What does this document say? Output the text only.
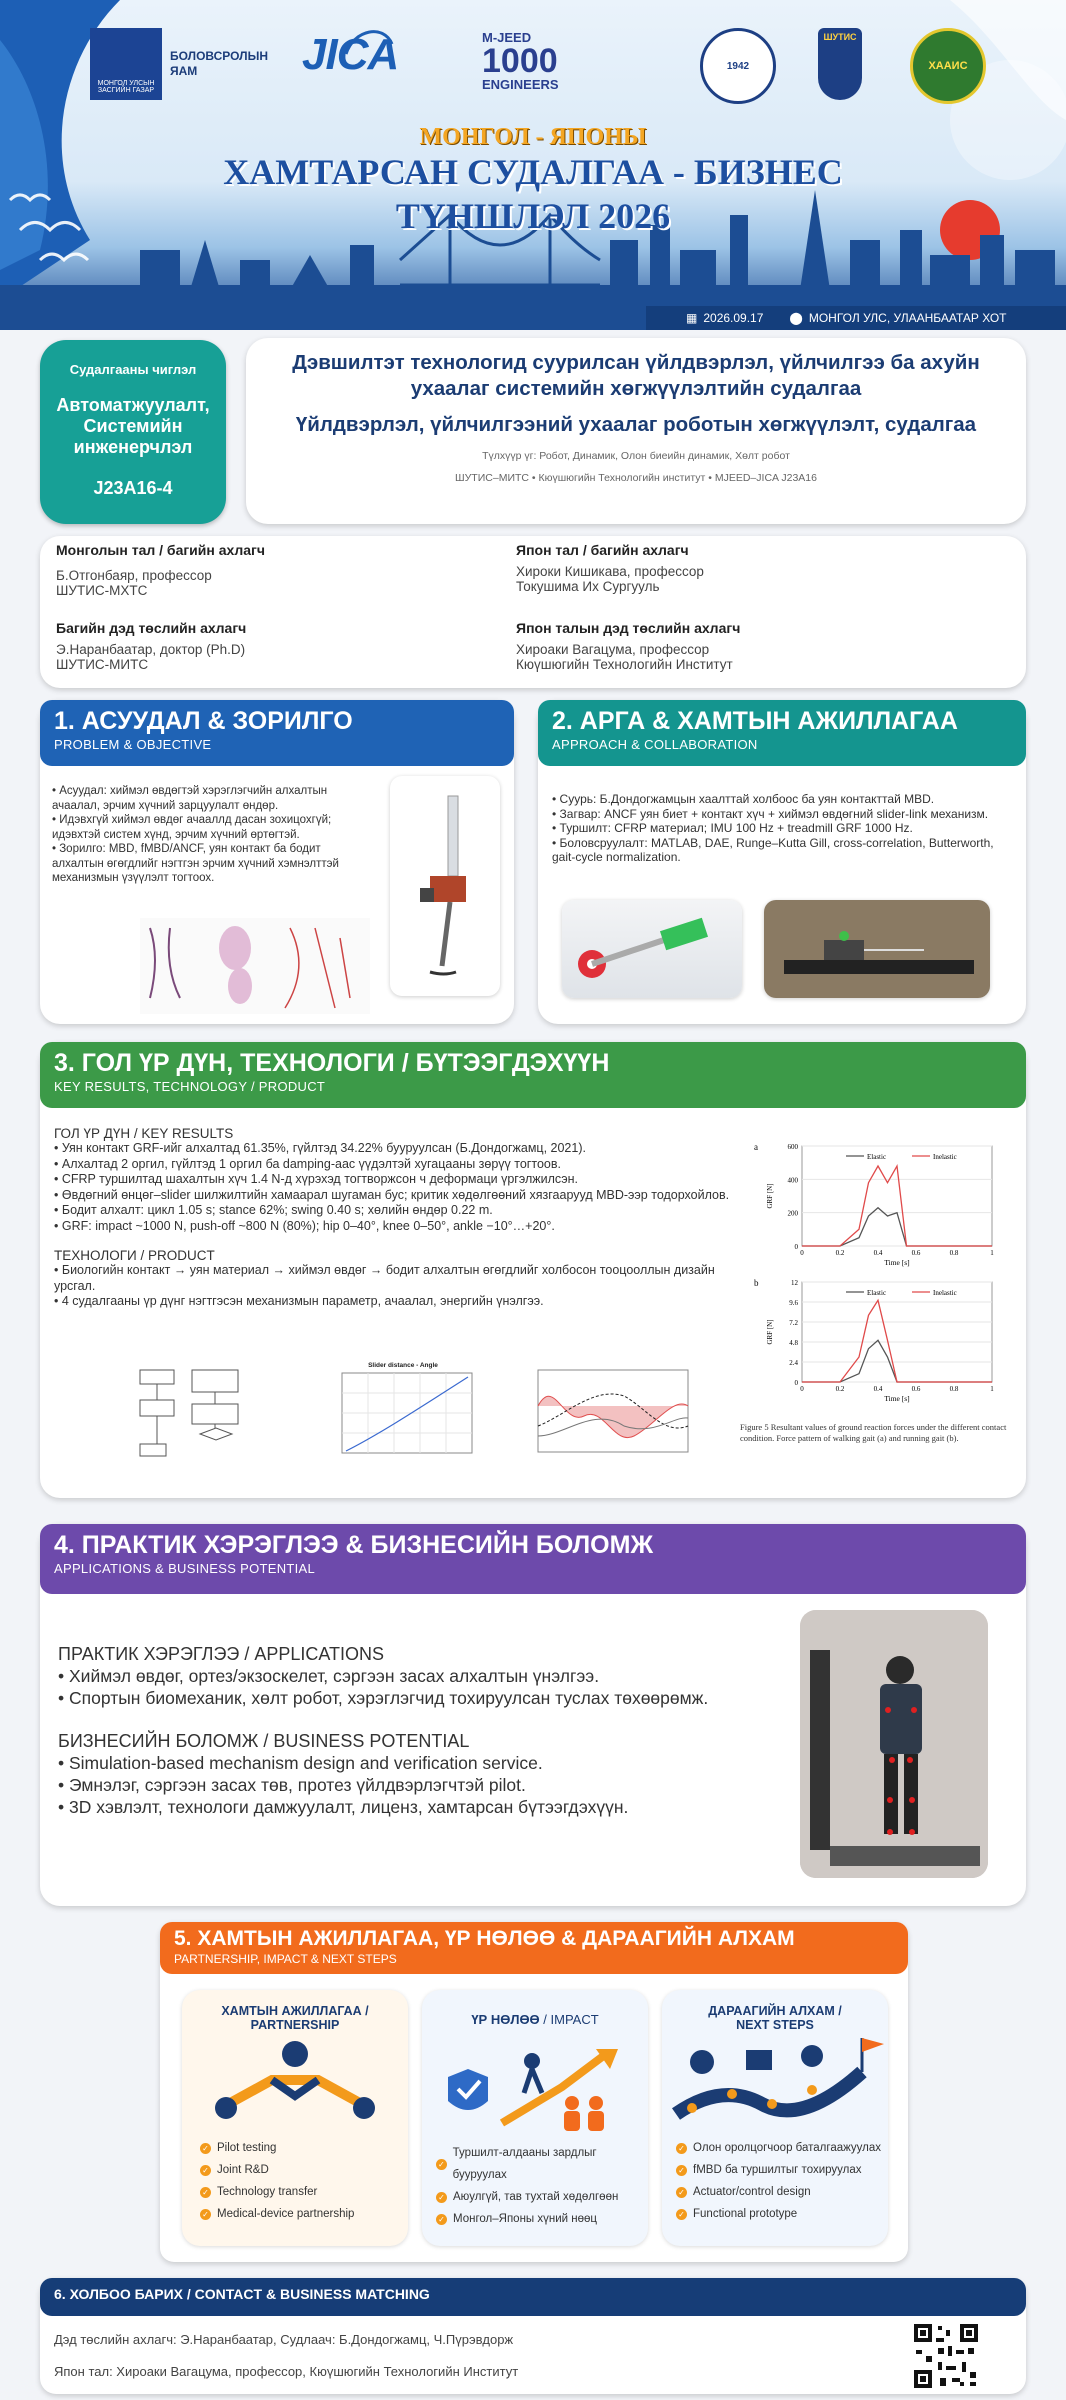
МОНГОЛ УЛСЫН ЗАСГИЙН ГАЗАР
БОЛОВСРОЛЫН ЯАМ	JICA	M-JEED
1000
ENGINEERS
1942
ШУТИС
ХААИС
МОНГОЛ - ЯПОНЫ
ХАМТАРСАН СУДАЛГАА - БИЗНЕС
ТҮНШЛЭЛ 2026
▦ 2026.09.17 ⬤ МОНГОЛ УЛС, УЛААНБААТАР ХОТ
Судалгааны чиглэл
Автоматжуулалт, Системийн инженерчлэл
J23A16-4
Дэвшилтэт технологид суурилсан үйлдвэрлэл, үйлчилгээ ба ахуйн ухаалаг системийн хөгжүүлэлтийн судалгаа
Үйлдвэрлэл, үйлчилгээний ухаалаг роботын хөгжүүлэлт, судалгаа
Түлхүүр үг: Робот, Динамик, Олон биеийн динамик, Хөлт робот
ШУТИС–МИТС • Кюүшюгийн Технологийн институт • MJEED–JICA J23A16
Монголын тал / багийн ахлагч
Б.Отгонбаяр, профессор
ШУТИС-МХТС
Япон тал / багийн ахлагч
Хироки Кишикава, профессор
Токушима Их Сургууль
Багийн дэд төслийн ахлагч
Э.Наранбаатар, доктор (Ph.D)
ШУТИС-МИТС
Япон талын дэд төслийн ахлагч
Хироаки Вагацума, профессор
Кюүшюгийн Технологийн Институт
1. АСУУДАЛ & ЗОРИЛГО
PROBLEM & OBJECTIVE
• Асуудал: хиймэл өвдөгтэй хэрэглэгчийн алхалтын ачаалал, эрчим хүчний зарцуулалт өндөр.
• Идэвхгүй хиймэл өвдөг ачааллд дасан зохицохгүй; идэвхтэй систем хүнд, эрчим хүчний өртөгтэй.
• Зорилго: MBD, fMBD/ANCF, уян контакт ба бодит алхалтын өгөгдлийг нэгтгэн эрчим хүчний хэмнэлттэй механизмын үзүүлэлт тогтоох.
2. АРГА & ХАМТЫН АЖИЛЛАГАА
APPROACH & COLLABORATION
• Суурь: Б.Дондогжамцын хаалттай холбоос ба уян контакттай MBD.
• Загвар: ANCF уян биет + контакт хүч + хиймэл өвдөгний slider-link механизм.
• Туршилт: CFRP материал; IMU 100 Hz + treadmill GRF 1000 Hz.
• Боловсруулалт: MATLAB, DAE, Runge–Kutta Gill, cross-correlation, Butterworth, gait-cycle normalization.
3. ГОЛ ҮР ДҮН, ТЕХНОЛОГИ / БҮТЭЭГДЭХҮҮН
KEY RESULTS, TECHNOLOGY / PRODUCT
ГОЛ ҮР ДҮН / KEY RESULTS
• Уян контакт GRF-ийг алхалтад 61.35%, гүйлтэд 34.22% бууруулсан (Б.Дондогжамц, 2021).
• Алхалтад 2 оргил, гүйлтэд 1 оргил ба damping-аас үүдэлтэй хугацааны зөрүү тогтоов.
• CFRP туршилтад шахалтын хүч 1.4 N-д хүрэхэд тогтворжсон ч деформаци үргэлжилсэн.
• Өвдөгний өнцөг–slider шилжилтийн хамаарал шугаман бус; критик хөдөлгөөний хязгаарууд MBD-ээр тодорхойлов.
• Бодит алхалт: цикл 1.05 s; stance 62%; swing 0.40 s; хөлийн өндөр 0.22 m.
• GRF: impact ~1000 N, push-off ~800 N (80%); hip 0–40°, knee 0–50°, ankle −10°…+20°.
ТЕХНОЛОГИ / PRODUCT
• Биологийн контакт → уян материал → хиймэл өвдөг → бодит алхалтын өгөгдлийг холбосон тооцооллын дизайн урсгал.
• 4 судалгааны үр дүнг нэгтгэсэн механизмын параметр, ачаалал, энергийн үнэлгээ.
a
0
200
400
600
0	0.2	0.4	0.6	0.8	1
GRF [N]
Time [s]
Elastic	Inelastic
b
0
2.4
4.8
7.2
9.6
12
0	0.2	0.4	0.6	0.8	1
GRF [N]
Time [s]
Elastic	Inelastic
Figure 5 Resultant values of ground reaction forces under the different contact condition. Force pattern of walking gait (a) and running gait (b).
Slider distance - Angle
4. ПРАКТИК ХЭРЭГЛЭЭ & БИЗНЕСИЙН БОЛОМЖ
APPLICATIONS & BUSINESS POTENTIAL
ПРАКТИК ХЭРЭГЛЭЭ / APPLICATIONS
• Хиймэл өвдөг, ортез/экзоскелет, сэргээн засах алхалтын үнэлгээ.
• Спортын биомеханик, хөлт робот, хэрэглэгчид тохируулсан туслах төхөөрөмж.
БИЗНЕСИЙН БОЛОМЖ / BUSINESS POTENTIAL
• Simulation-based mechanism design and verification service.
• Эмнэлэг, сэргээн засах төв, протез үйлдвэрлэгчтэй pilot.
• 3D хэвлэлт, технологи дамжуулалт, лиценз, хамтарсан бүтээгдэхүүн.
5. ХАМТЫН АЖИЛЛАГАА, ҮР НӨЛӨӨ & ДАРААГИЙН АЛХАМ
PARTNERSHIP, IMPACT & NEXT STEPS
ХАМТЫН АЖИЛЛАГАА /
PARTNERSHIP
✓ Pilot testing
✓ Joint R&D
✓ Technology transfer
✓ Medical-device partnership
ҮР НӨЛӨӨ / IMPACT
✓
Туршилт-алдааны зардлыг бууруулах
✓ Аюулгүй, тав тухтай хөдөлгөөн
✓ Монгол–Японы хүний нөөц
ДАРААГИЙН АЛХАМ /
NEXT STEPS
✓ Олон оролцогчоор баталгаажуулах
✓ fMBD ба туршилтыг тохируулах
✓ Actuator/control design
✓ Functional prototype
6. ХОЛБОО БАРИХ / CONTACT & BUSINESS MATCHING
Дэд төслийн ахлагч: Э.Наранбаатар, Судлаач: Б.Дондогжамц, Ч.Пүрэвдорж
Япон тал: Хироаки Вагацума, профессор, Кюүшюгийн Технологийн Институт
